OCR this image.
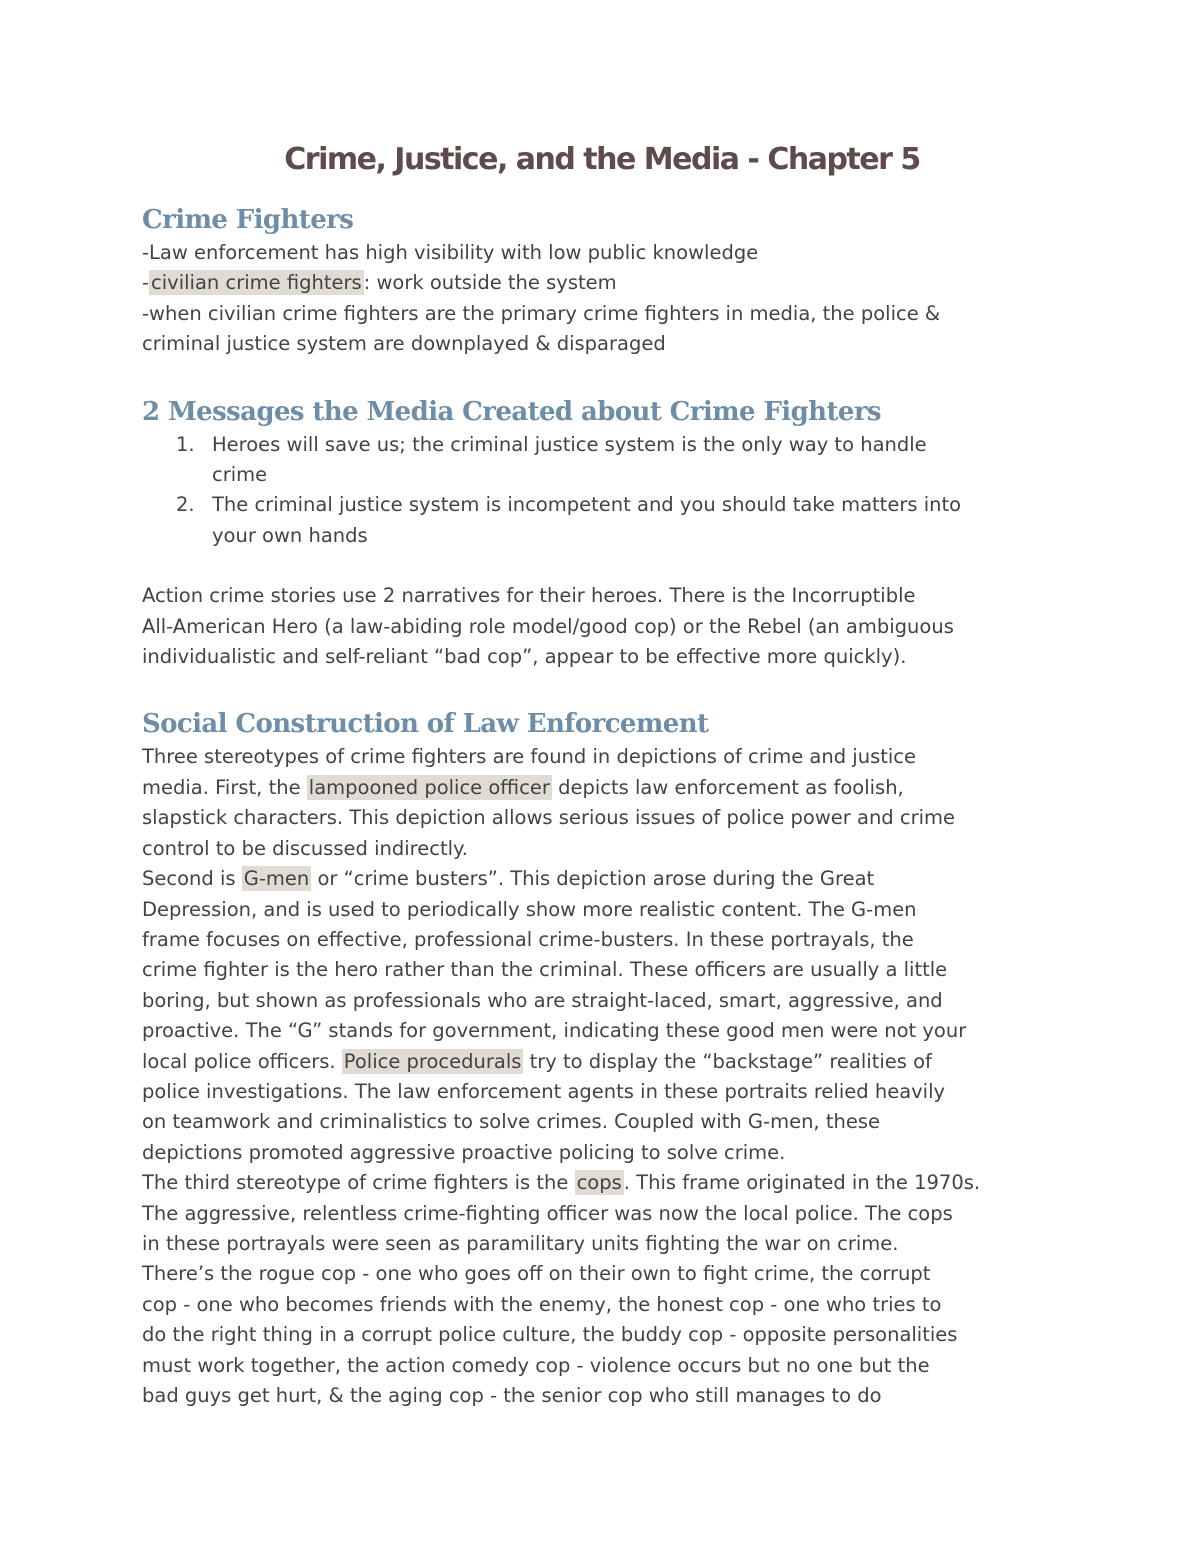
Crime, Justice, and the Media - Chapter 5
Crime Fighters

-Law enforcement has high visibility with low public knowledge

- civilian crime fighters : work outside the system

-when civilian crime fighters are the primary crime fighters in media, the police &

criminal justice system are downplayed & disparaged

2 Messages the Media Created about Crime Fighters
1. Heroes will save us; the criminal justice system is the only way to handle
crime
2. The criminal justice system is incompetent and you should take matters into
your own hands

Action crime stories use 2 narratives for their heroes. There is the Incorruptible

All-American Hero (a law-abiding role model/good cop) or the Rebel (an ambiguous

individualistic and self-reliant “bad cop”, appear to be effective more quickly).

Social Construction of Law Enforcement

Three stereotypes of crime fighters are found in depictions of crime and justice

media. First, the lampooned police officer depicts law enforcement as foolish,

slapstick characters. This depiction allows serious issues of police power and crime

control to be discussed indirectly.

Second is G-men or “crime busters”. This depiction arose during the Great

Depression, and is used to periodically show more realistic content. The G-men

frame focuses on effective, professional crime-busters. In these portrayals, the

crime fighter is the hero rather than the criminal. These officers are usually a little

boring, but shown as professionals who are straight-laced, smart, aggressive, and

proactive. The “G” stands for government, indicating these good men were not your

local police officers. Police procedurals try to display the “backstage” realities of

police investigations. The law enforcement agents in these portraits relied heavily

on teamwork and criminalistics to solve crimes. Coupled with G-men, these

depictions promoted aggressive proactive policing to solve crime.

The third stereotype of crime fighters is the cops . This frame originated in the 1970s.

The aggressive, relentless crime-fighting officer was now the local police. The cops

in these portrayals were seen as paramilitary units fighting the war on crime.

There’s the rogue cop - one who goes off on their own to fight crime, the corrupt

cop - one who becomes friends with the enemy, the honest cop - one who tries to

do the right thing in a corrupt police culture, the buddy cop - opposite personalities

must work together, the action comedy cop - violence occurs but no one but the

bad guys get hurt, & the aging cop - the senior cop who still manages to do
